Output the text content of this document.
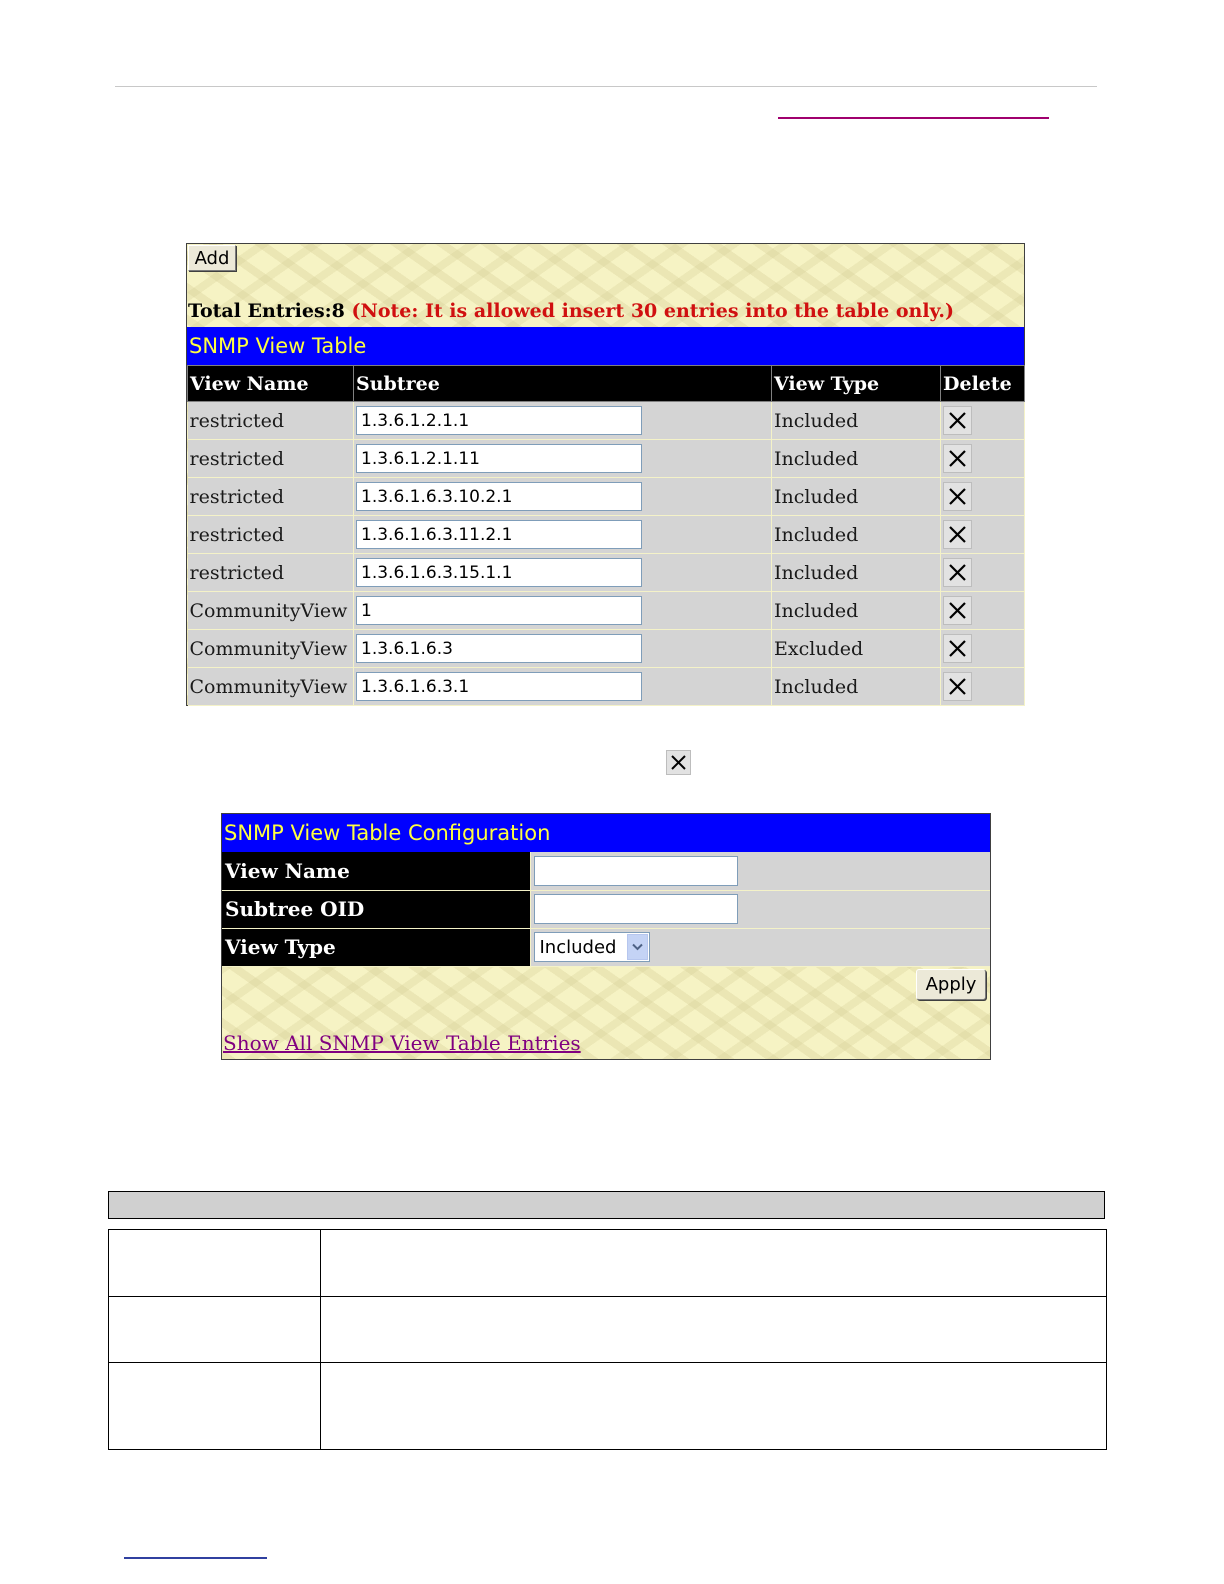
Add
Total Entries:8 (Note: It is allowed insert 30 entries into the table only.)
SNMP View Table
View Name	Subtree	View Type	Delete
restricted	1.3.6.1.2.1.1	Included	

restricted	1.3.6.1.2.1.11	Included	

restricted	1.3.6.1.6.3.10.2.1	Included	

restricted	1.3.6.1.6.3.11.2.1	Included	

restricted	1.3.6.1.6.3.15.1.1	Included	

CommunityView	1	Included	

CommunityView	1.3.6.1.6.3	Excluded	

CommunityView	1.3.6.1.6.3.1	Included	
SNMP View Table Configuration
View Name	
Subtree OID	
View Type	Included
Apply
Show All SNMP View Table Entries
